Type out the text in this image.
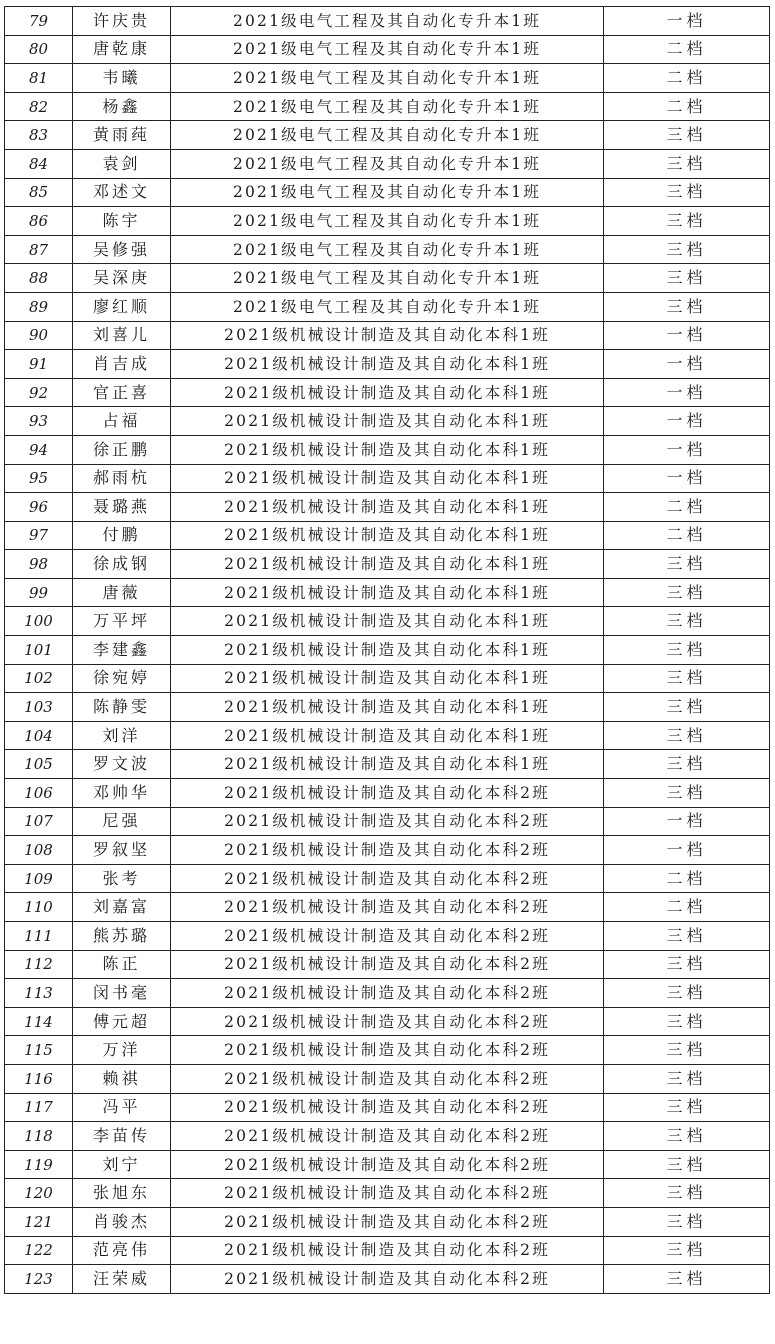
79	许庆贵	2021级电气工程及其自动化专升本1班	一档
80	唐乾康	2021级电气工程及其自动化专升本1班	二档
81	韦曦	2021级电气工程及其自动化专升本1班	二档
82	杨鑫	2021级电气工程及其自动化专升本1班	二档
83	黄雨莼	2021级电气工程及其自动化专升本1班	三档
84	袁剑	2021级电气工程及其自动化专升本1班	三档
85	邓述文	2021级电气工程及其自动化专升本1班	三档
86	陈宇	2021级电气工程及其自动化专升本1班	三档
87	吴修强	2021级电气工程及其自动化专升本1班	三档
88	吴深庚	2021级电气工程及其自动化专升本1班	三档
89	廖红顺	2021级电气工程及其自动化专升本1班	三档
90	刘喜儿	2021级机械设计制造及其自动化本科1班	一档
91	肖吉成	2021级机械设计制造及其自动化本科1班	一档
92	官正喜	2021级机械设计制造及其自动化本科1班	一档
93	占福	2021级机械设计制造及其自动化本科1班	一档
94	徐正鹏	2021级机械设计制造及其自动化本科1班	一档
95	郝雨杭	2021级机械设计制造及其自动化本科1班	一档
96	聂璐燕	2021级机械设计制造及其自动化本科1班	二档
97	付鹏	2021级机械设计制造及其自动化本科1班	二档
98	徐成钢	2021级机械设计制造及其自动化本科1班	三档
99	唐薇	2021级机械设计制造及其自动化本科1班	三档
100	万平坪	2021级机械设计制造及其自动化本科1班	三档
101	李建鑫	2021级机械设计制造及其自动化本科1班	三档
102	徐宛婷	2021级机械设计制造及其自动化本科1班	三档
103	陈静雯	2021级机械设计制造及其自动化本科1班	三档
104	刘洋	2021级机械设计制造及其自动化本科1班	三档
105	罗文波	2021级机械设计制造及其自动化本科1班	三档
106	邓帅华	2021级机械设计制造及其自动化本科2班	三档
107	尼强	2021级机械设计制造及其自动化本科2班	一档
108	罗叙坚	2021级机械设计制造及其自动化本科2班	一档
109	张考	2021级机械设计制造及其自动化本科2班	二档
110	刘嘉富	2021级机械设计制造及其自动化本科2班	二档
111	熊苏璐	2021级机械设计制造及其自动化本科2班	三档
112	陈正	2021级机械设计制造及其自动化本科2班	三档
113	闵书毫	2021级机械设计制造及其自动化本科2班	三档
114	傅元超	2021级机械设计制造及其自动化本科2班	三档
115	万洋	2021级机械设计制造及其自动化本科2班	三档
116	赖祺	2021级机械设计制造及其自动化本科2班	三档
117	冯平	2021级机械设计制造及其自动化本科2班	三档
118	李苗传	2021级机械设计制造及其自动化本科2班	三档
119	刘宁	2021级机械设计制造及其自动化本科2班	三档
120	张旭东	2021级机械设计制造及其自动化本科2班	三档
121	肖骏杰	2021级机械设计制造及其自动化本科2班	三档
122	范亮伟	2021级机械设计制造及其自动化本科2班	三档
123	汪荣威	2021级机械设计制造及其自动化本科2班	三档
